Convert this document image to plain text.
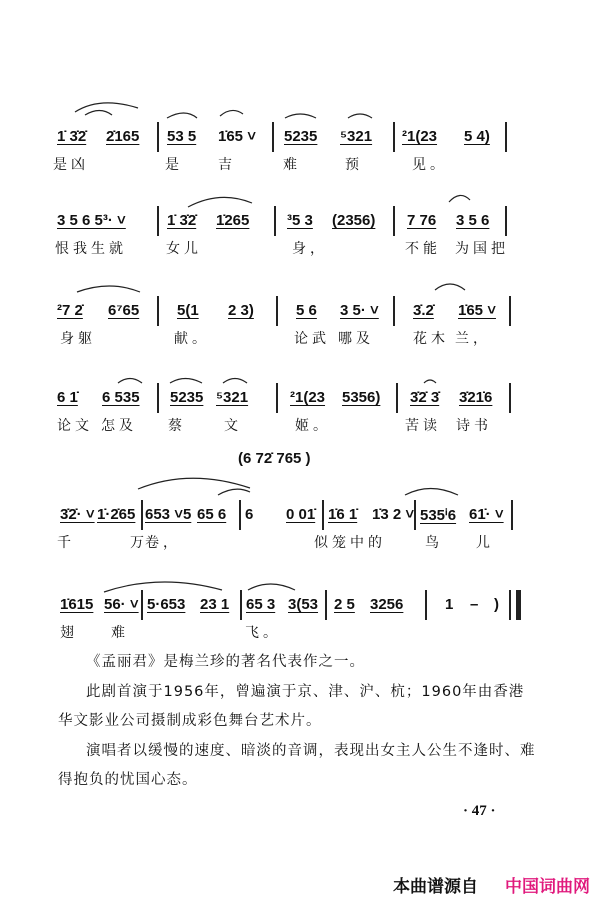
1̇ 3̇2̇ 2̇165 53 5 1̇65 ˅ 5235 ⁵321 ²1(23 5 4)
是凶	是	吉	难	预	见。
3 5 6 5³· ˅	1̇ 3̇2̇ 1̇265	³5 3 (2356) 7 76 3 5 6
恨我生就	女儿	身，	不能 为国把
²7 2̇ 6⁷65	5(1 2 3)	5 6 3 5· ˅ 3̇.2̇ 1̇65 ˅
身躯	献。	论武 哪及	花木 兰，
6 1̇ 6 535 5235 ⁵321	²1(23 5356) 3̇2̇ 3̇ 3̇21̇6
论文 怎及 蔡	文	姬。	苦读 诗书
(6 72̇ 765 )
3̇2̇· ˅ 1̇·2̇65 653 ˅5 65 6 6 0 01̇ 1̇6 1̇ 1̇3 2 ˅ 535ⁱ6 61̇· ˅
千	万
卷，	似笼中的	鸟 儿
1̇615 56· ˅ 5·653 23 1 65 3 3(53 2 5 3256	1 – )
翅 难	飞。

《孟丽君》是梅兰珍的著名代表作之一。

此剧首演于1956年，曾遍演于京、津、沪、杭；1960年由香港华文影业公司摄制成彩色舞台艺术片。

演唱者以缓慢的速度、暗淡的音调，表现出女主人公生不逢时、难得抱负的忧国心态。

· 47 ·
本曲谱源自 中国词曲网
